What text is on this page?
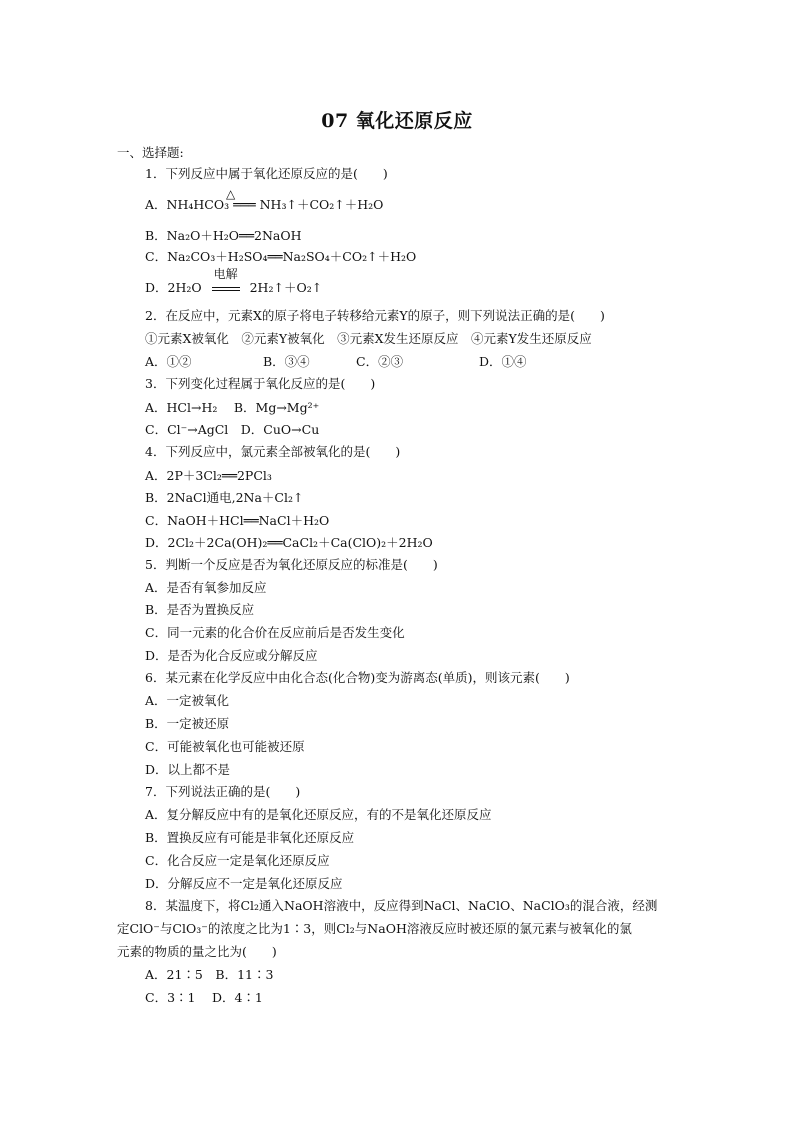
07 氧化还原反应
一、选择题:
1．下列反应中属于氧化还原反应的是(　　)
A．NH₄HCO₃ ═══ NH₃↑＋CO₂↑＋H₂O
△
B．Na₂O＋H₂O══2NaOH
C．Na₂CO₃＋H₂SO₄══Na₂SO₄＋CO₂↑＋H₂O
D．2H₂O
电解
2H₂↑＋O₂↑
2．在反应中，元素X的原子将电子转移给元素Y的原子，则下列说法正确的是(　　)
①元素X被氧化　②元素Y被氧化　③元素X发生还原反应　④元素Y发生还原反应
A．①②	B．③④	C．②③	D．①④
3．下列变化过程属于氧化反应的是(　　)
A．HCl→H₂　 B．Mg→Mg²⁺
C．Cl⁻→AgCl　D．CuO→Cu
4．下列反应中，氯元素全部被氧化的是(　　)
A．2P＋3Cl₂══2PCl₃
B．2NaCl通电,2Na＋Cl₂↑
C．NaOH＋HCl══NaCl＋H₂O
D．2Cl₂＋2Ca(OH)₂══CaCl₂＋Ca(ClO)₂＋2H₂O
5．判断一个反应是否为氧化还原反应的标准是(　　)
A．是否有氧参加反应
B．是否为置换反应
C．同一元素的化合价在反应前后是否发生变化
D．是否为化合反应或分解反应
6．某元素在化学反应中由化合态(化合物)变为游离态(单质)，则该元素(　　)
A．一定被氧化
B．一定被还原
C．可能被氧化也可能被还原
D．以上都不是
7．下列说法正确的是(　　)
A．复分解反应中有的是氧化还原反应，有的不是氧化还原反应
B．置换反应有可能是非氧化还原反应
C．化合反应一定是氧化还原反应
D．分解反应不一定是氧化还原反应
8．某温度下，将Cl₂通入NaOH溶液中，反应得到NaCl、NaClO、NaClO₃的混合液，经测
定ClO⁻与ClO₃⁻的浓度之比为1∶3，则Cl₂与NaOH溶液反应时被还原的氯元素与被氧化的氯
元素的物质的量之比为(　　)
A．21∶5　B．11∶3
C．3∶1　 D．4∶1
